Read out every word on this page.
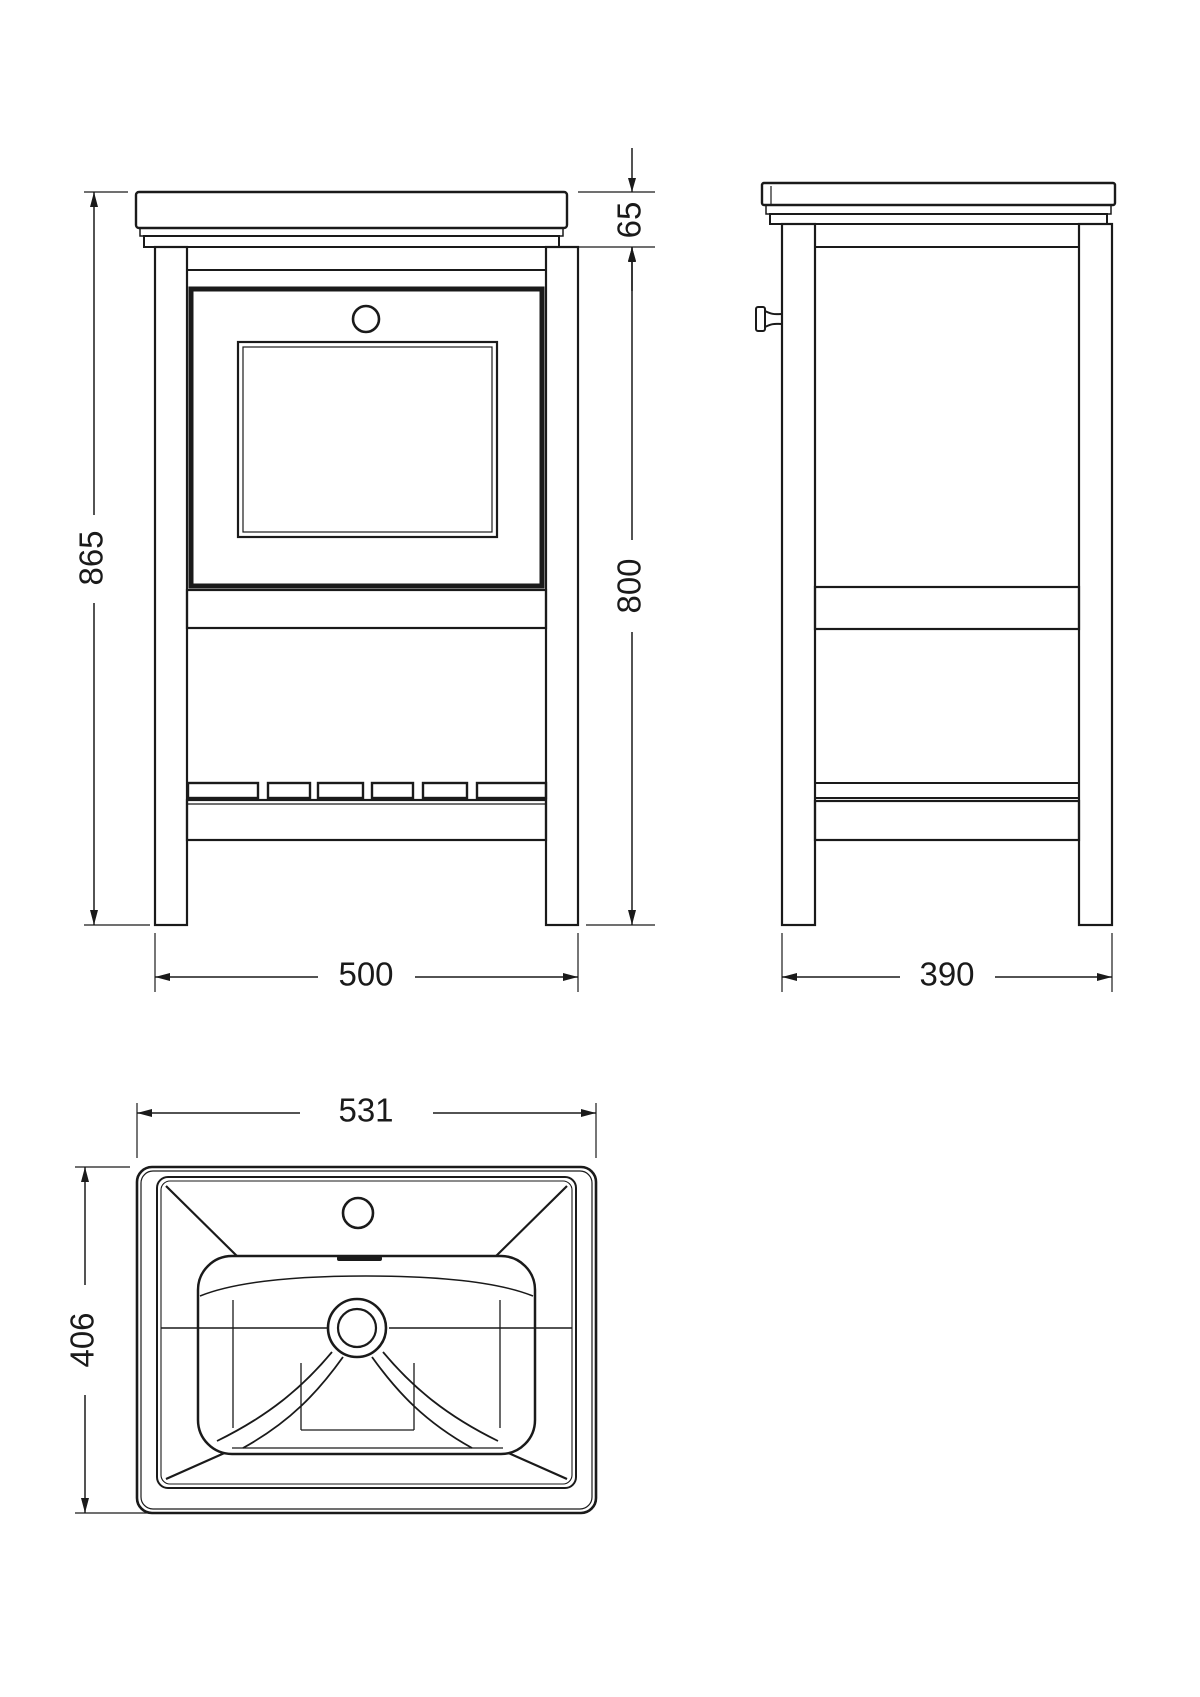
865
65
800
500	390
531
406
